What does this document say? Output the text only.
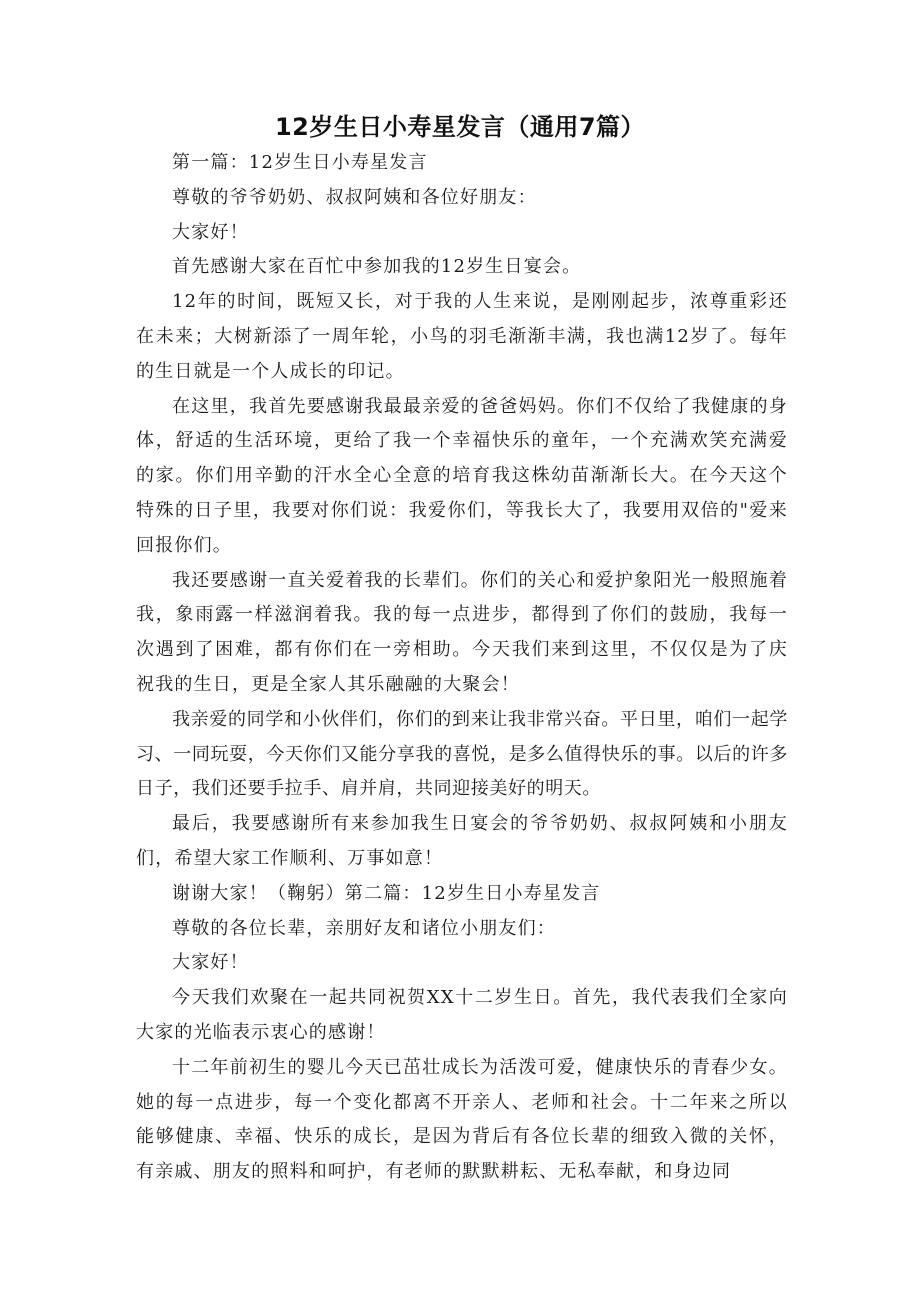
12岁生日小寿星发言（通用7篇）

第一篇：12岁生日小寿星发言

尊敬的爷爷奶奶、叔叔阿姨和各位好朋友：

大家好！

首先感谢大家在百忙中参加我的12岁生日宴会。

12年的时间，既短又长，对于我的人生来说，是刚刚起步，浓尊重彩还在未来；大树新添了一周年轮，小鸟的羽毛渐渐丰满，我也满12岁了。每年的生日就是一个人成长的印记。

在这里，我首先要感谢我最最亲爱的爸爸妈妈。你们不仅给了我健康的身体，舒适的生活环境，更给了我一个幸福快乐的童年，一个充满欢笑充满爱的家。你们用辛勤的汗水全心全意的培育我这株幼苗渐渐长大。在今天这个特殊的日子里，我要对你们说：我爱你们，等我长大了，我要用双倍的"爱来回报你们。

我还要感谢一直关爱着我的长辈们。你们的关心和爱护象阳光一般照施着我，象雨露一样滋润着我。我的每一点进步，都得到了你们的鼓励，我每一次遇到了困难，都有你们在一旁相助。今天我们来到这里，不仅仅是为了庆祝我的生日，更是全家人其乐融融的大聚会！

我亲爱的同学和小伙伴们，你们的到来让我非常兴奋。平日里，咱们一起学习、一同玩耍，今天你们又能分享我的喜悦，是多么值得快乐的事。以后的许多日子，我们还要手拉手、肩并肩，共同迎接美好的明天。

最后，我要感谢所有来参加我生日宴会的爷爷奶奶、叔叔阿姨和小朋友们，希望大家工作顺利、万事如意！

谢谢大家！（鞠躬）第二篇：12岁生日小寿星发言

尊敬的各位长辈，亲朋好友和诸位小朋友们：

大家好！

今天我们欢聚在一起共同祝贺XX十二岁生日。首先，我代表我们全家向大家的光临表示衷心的感谢！

十二年前初生的婴儿今天已茁壮成长为活泼可爱，健康快乐的青春少女。她的每一点进步，每一个变化都离不开亲人、老师和社会。十二年来之所以能够健康、幸福、快乐的成长，是因为背后有各位长辈的细致入微的关怀，有亲戚、朋友的照料和呵护，有老师的默默耕耘、无私奉献，和身边同
